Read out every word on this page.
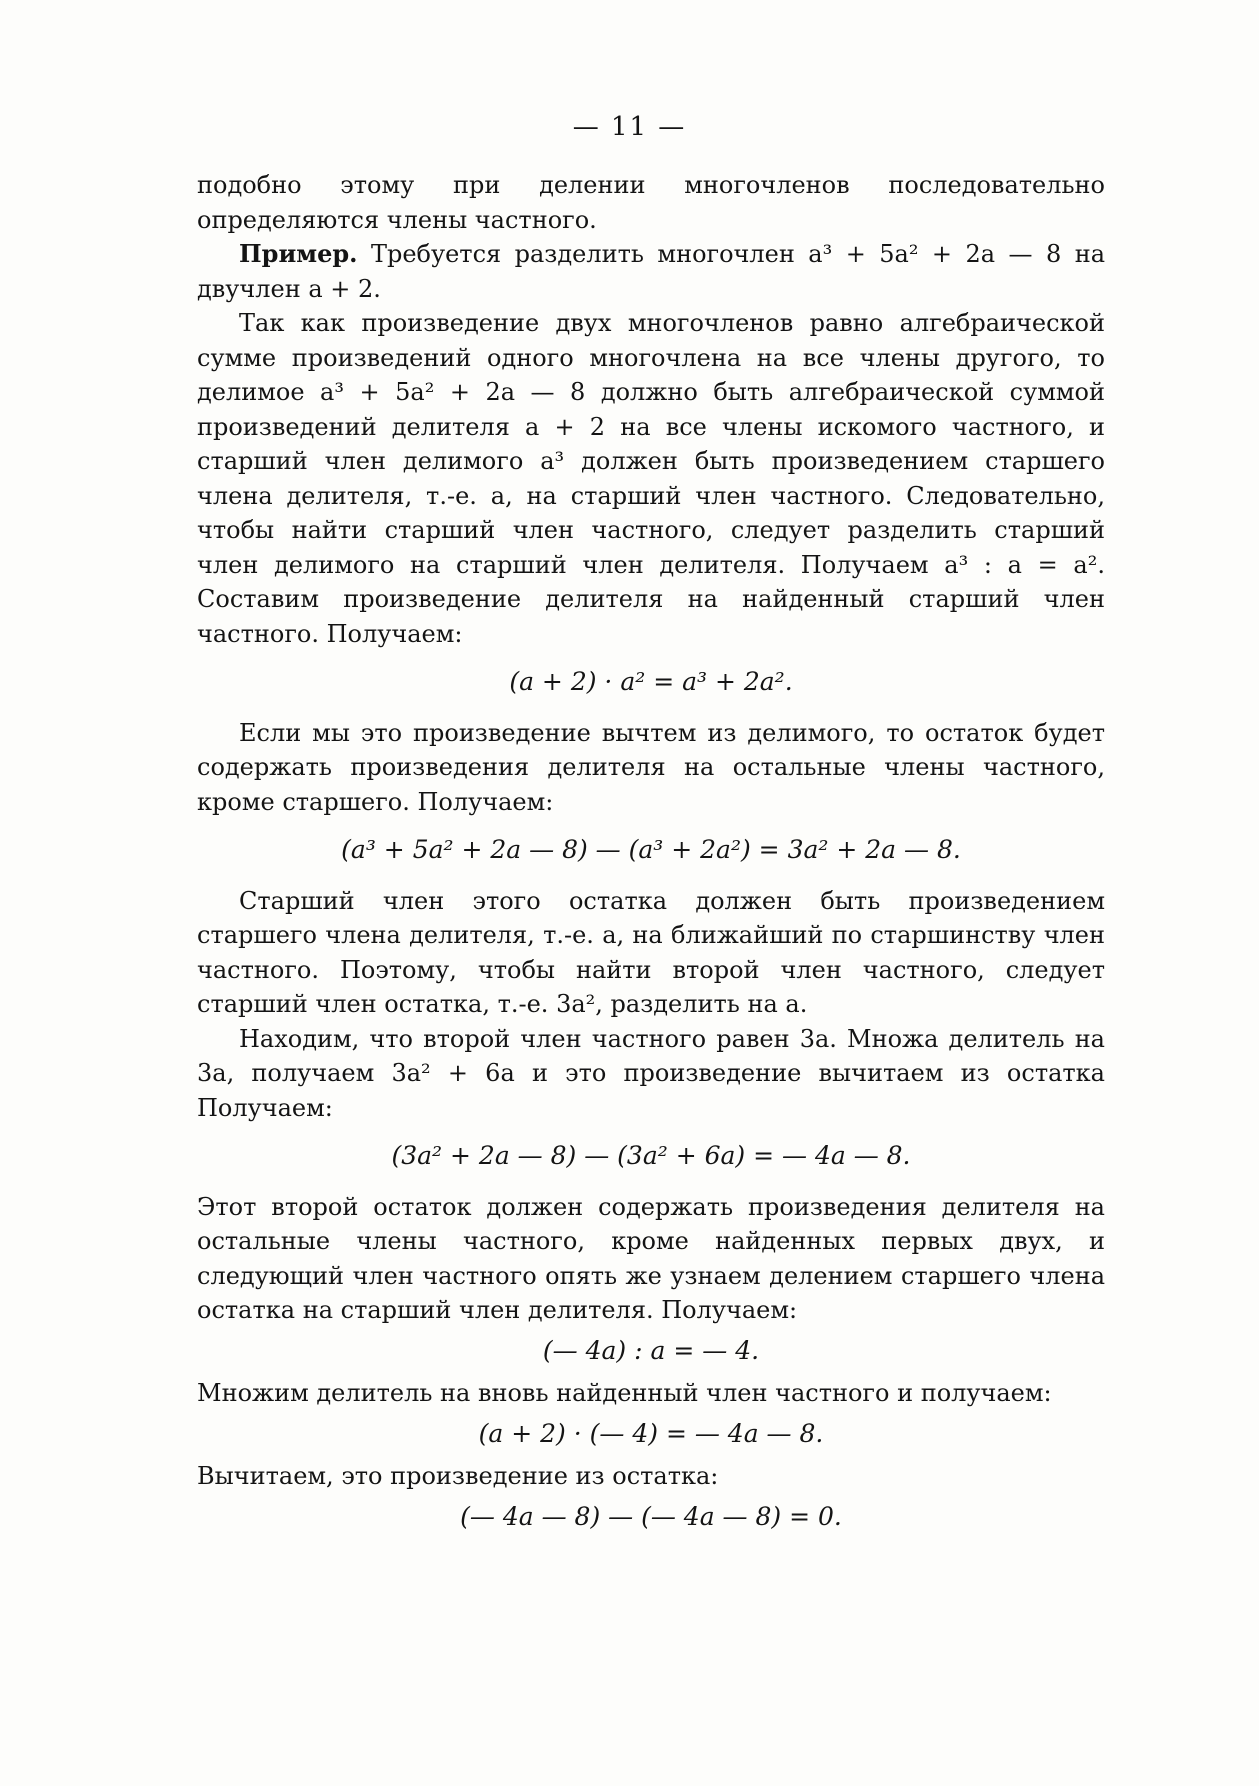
— 11 —

подобно этому при делении многочленов последовательно определяются члены частного.

Пример. Требуется разделить многочлен a³ + 5a² + 2a — 8 на двучлен a + 2.

Так как произведение двух многочленов равно алгебраической сумме произведений одного многочлена на все члены другого, то делимое a³ + 5a² + 2a — 8 должно быть алгебраической суммой произведений делителя a + 2 на все члены искомого частного, и старший член делимого a³ должен быть произведением старшего члена делителя, т.-е. a, на старший член частного. Следовательно, чтобы найти старший член частного, следует разделить старший член делимого на старший член делителя. Получаем a³ : a = a². Составим произведение делителя на найденный старший член частного. Получаем:

(a + 2) · a² = a³ + 2a².

Если мы это произведение вычтем из делимого, то остаток будет содержать произведения делителя на остальные члены частного, кроме старшего. Получаем:

(a³ + 5a² + 2a — 8) — (a³ + 2a²) = 3a² + 2a — 8.

Старший член этого остатка должен быть произведением старшего члена делителя, т.-е. a, на ближайший по старшинству член частного. Поэтому, чтобы найти второй член частного, следует старший член остатка, т.-е. 3a², разделить на a.

Находим, что второй член частного равен 3a. Множа делитель на 3a, получаем 3a² + 6a и это произведение вычитаем из остатка Получаем:

(3a² + 2a — 8) — (3a² + 6a) = — 4a — 8.

Этот второй остаток должен содержать произведения делителя на остальные члены частного, кроме найденных первых двух, и следующий член частного опять же узнаем делением старшего члена остатка на старший член делителя. Получаем:

(— 4a) : a = — 4.

Множим делитель на вновь найденный член частного и получаем:

(a + 2) · (— 4) = — 4a — 8.

Вычитаем, это произведение из остатка:

(— 4a — 8) — (— 4a — 8) = 0.
